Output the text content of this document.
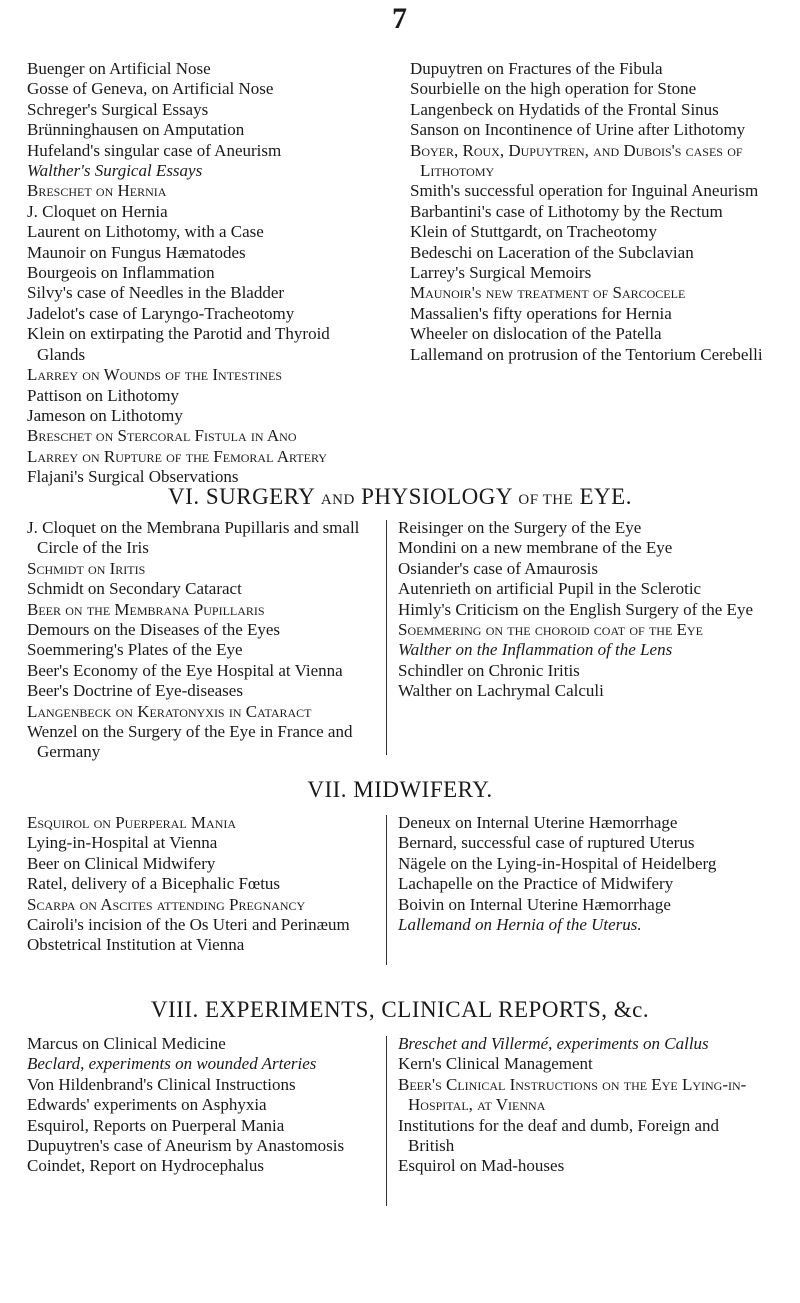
7
Buenger on Artificial Nose
Gosse of Geneva, on Artificial Nose
Schreger's Surgical Essays
Brünninghausen on Amputation
Hufeland's singular case of Aneurism
Walther's Surgical Essays
Breschet on Hernia
J. Cloquet on Hernia
Laurent on Lithotomy, with a Case
Maunoir on Fungus Hæmatodes
Bourgeois on Inflammation
Silvy's case of Needles in the Bladder
Jadelot's case of Laryngo-Tracheotomy
Klein on extirpating the Parotid and Thyroid Glands
Larrey on Wounds of the Intestines
Pattison on Lithotomy
Jameson on Lithotomy
Breschet on Stercoral Fistula in Ano
Larrey on Rupture of the Femoral Artery
Flajani's Surgical Observations
Dupuytren on Fractures of the Fibula
Sourbielle on the high operation for Stone
Langenbeck on Hydatids of the Frontal Sinus
Sanson on Incontinence of Urine after Lithotomy
Boyer, Roux, Dupuytren, and Dubois's cases of Lithotomy
Smith's successful operation for Inguinal Aneurism
Barbantini's case of Lithotomy by the Rectum
Klein of Stuttgardt, on Tracheotomy
Bedeschi on Laceration of the Subclavian
Larrey's Surgical Memoirs
Maunoir's new treatment of Sarcocele
Massalien's fifty operations for Hernia
Wheeler on dislocation of the Patella
Lallemand on protrusion of the Tentorium Cerebelli
VI. SURGERY AND PHYSIOLOGY OF THE EYE.
J. Cloquet on the Membrana Pupillaris and small Circle of the Iris
Schmidt on Iritis
Schmidt on Secondary Cataract
Beer on the Membrana Pupillaris
Demours on the Diseases of the Eyes
Soemmering's Plates of the Eye
Beer's Economy of the Eye Hospital at Vienna
Beer's Doctrine of Eye-diseases
Langenbeck on Keratonyxis in Cataract
Wenzel on the Surgery of the Eye in France and Germany
Reisinger on the Surgery of the Eye
Mondini on a new membrane of the Eye
Osiander's case of Amaurosis
Autenrieth on artificial Pupil in the Sclerotic
Himly's Criticism on the English Surgery of the Eye
Soemmering on the choroid coat of the Eye
Walther on the Inflammation of the Lens
Schindler on Chronic Iritis
Walther on Lachrymal Calculi
VII. MIDWIFERY.
Esquirol on Puerperal Mania
Lying-in-Hospital at Vienna
Beer on Clinical Midwifery
Ratel, delivery of a Bicephalic Fœtus
Scarpa on Ascites attending Pregnancy
Cairoli's incision of the Os Uteri and Perinæum
Obstetrical Institution at Vienna
Deneux on Internal Uterine Hæmorrhage
Bernard, successful case of ruptured Uterus
Nägele on the Lying-in-Hospital of Heidelberg
Lachapelle on the Practice of Midwifery
Boivin on Internal Uterine Hæmorrhage
Lallemand on Hernia of the Uterus.
VIII. EXPERIMENTS, CLINICAL REPORTS, &c.
Marcus on Clinical Medicine
Beclard, experiments on wounded Arteries
Von Hildenbrand's Clinical Instructions
Edwards' experiments on Asphyxia
Esquirol, Reports on Puerperal Mania
Dupuytren's case of Aneurism by Anastomosis
Coindet, Report on Hydrocephalus
Breschet and Villermé, experiments on Callus
Kern's Clinical Management
Beer's Clinical Instructions on the Eye Lying-in-Hospital, at Vienna
Institutions for the deaf and dumb, Foreign and British
Esquirol on Mad-houses
